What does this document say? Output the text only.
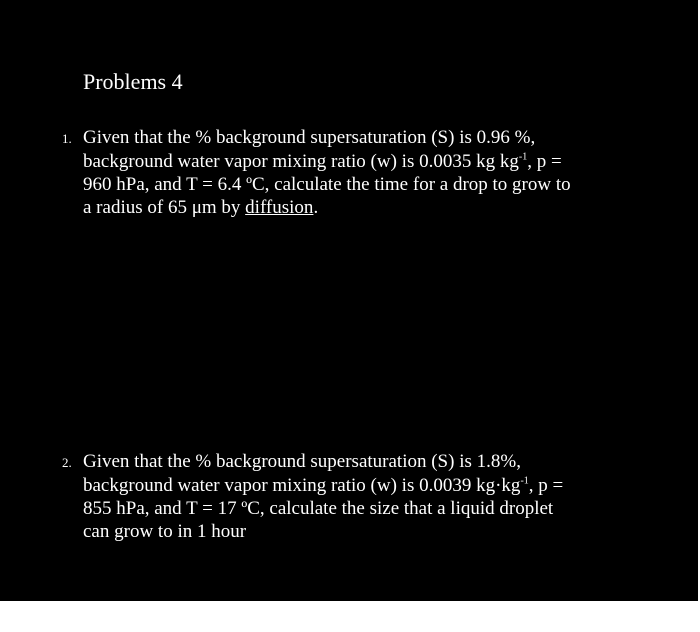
Problems 4
1. Given that the % background supersaturation (S) is 0.96 %,
background water vapor mixing ratio (w) is 0.0035 kg $kg^{-1}$, p =
960 hPa, and T = 6.4 ºC, calculate the time for a drop to grow to
a radius of 65 μm by diffusion.
2. Given that the % background supersaturation (S) is 1.8%,
background water vapor mixing ratio (w) is 0.0039 $kg\cdot kg^{-1}$, p =
855 hPa, and T = 17 ºC, calculate the size that a liquid droplet
can grow to in 1 hour
